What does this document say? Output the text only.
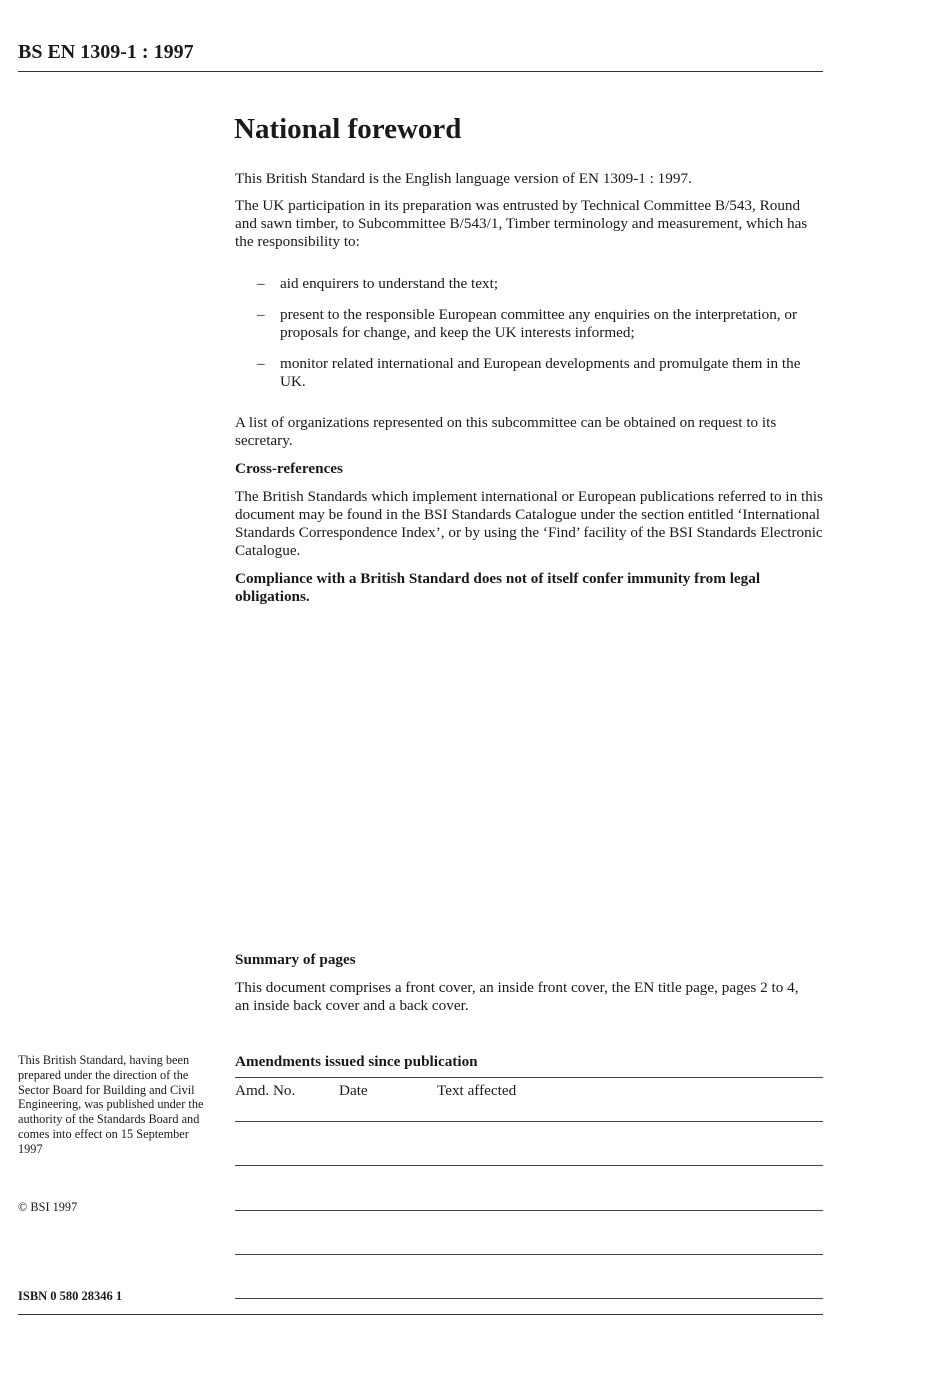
BS EN 1309-1 : 1997
National foreword

This British Standard is the English language version of EN 1309-1 : 1997.

The UK participation in its preparation was entrusted by Technical Committee B/543, Round and sawn timber, to Subcommittee B/543/1, Timber terminology and measurement, which has the responsibility to:

– aid enquirers to understand the text;
– present to the responsible European committee any enquiries on the interpretation, or proposals for change, and keep the UK interests informed;
– monitor related international and European developments and promulgate them in the UK.

A list of organizations represented on this subcommittee can be obtained on request to its secretary.

Cross-references

The British Standards which implement international or European publications referred to in this document may be found in the BSI Standards Catalogue under the section entitled ‘International Standards Correspondence Index’, or by using the ‘Find’ facility of the BSI Standards Electronic Catalogue.

Compliance with a British Standard does not of itself confer immunity from legal obligations.

Summary of pages

This document comprises a front cover, an inside front cover, the EN title page, pages 2 to 4, an inside back cover and a back cover.

Amendments issued since publication

Amd. No.	Date	Text affected
This British Standard, having been prepared under the direction of the Sector Board for Building and Civil Engineering, was published under the authority of the Standards Board and comes into effect on 15 September 1997
© BSI 1997
ISBN 0 580 28346 1
